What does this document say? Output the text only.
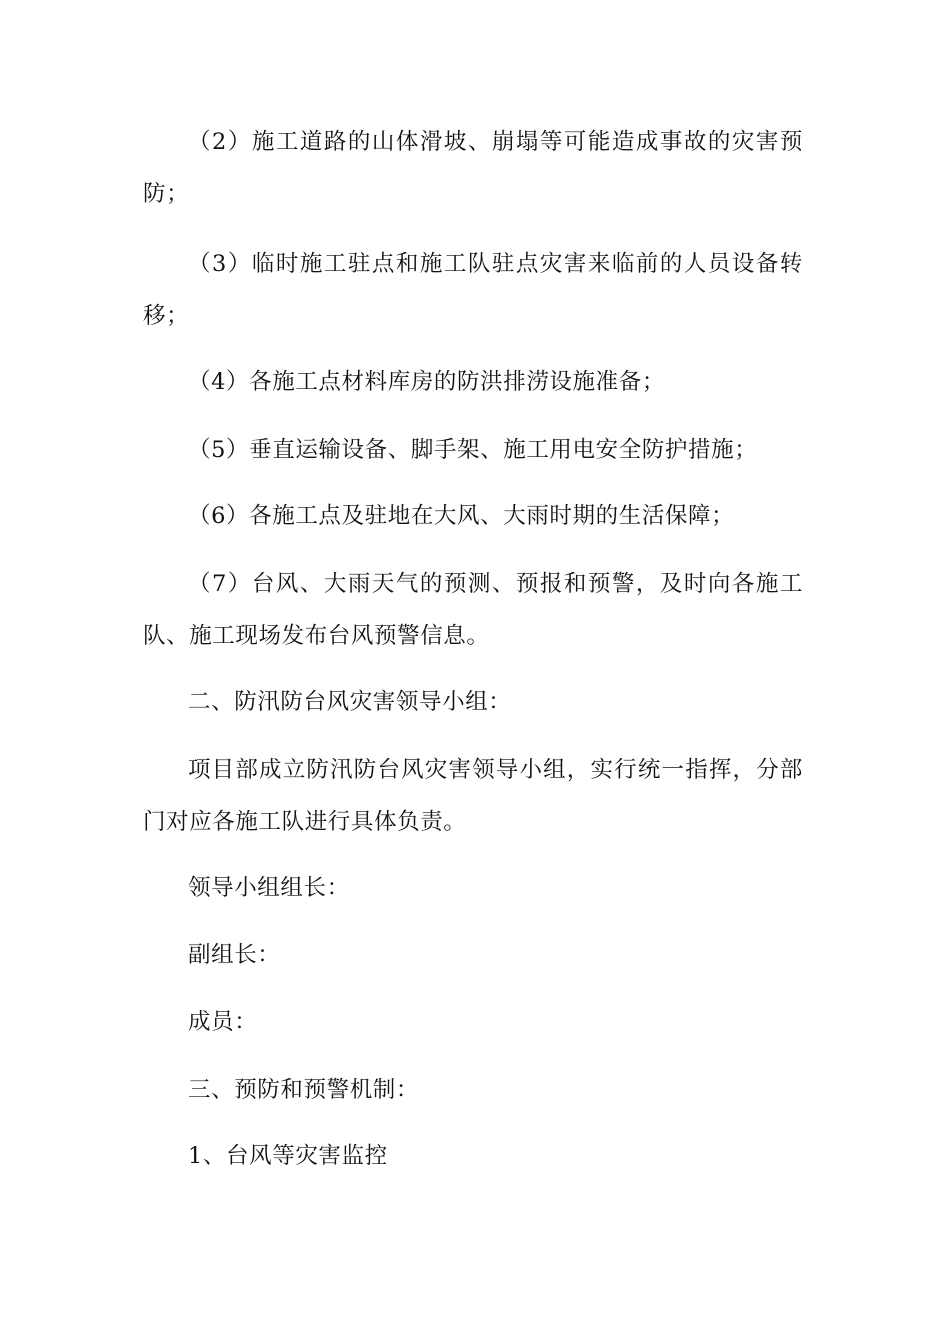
（2）施工道路的山体滑坡、崩塌等可能造成事故的灾害预防；

（3）临时施工驻点和施工队驻点灾害来临前的人员设备转移；

（4）各施工点材料库房的防洪排涝设施准备；

（5）垂直运输设备、脚手架、施工用电安全防护措施；

（6）各施工点及驻地在大风、大雨时期的生活保障；

（7）台风、大雨天气的预测、预报和预警，及时向各施工队、施工现场发布台风预警信息。

二、防汛防台风灾害领导小组：

项目部成立防汛防台风灾害领导小组，实行统一指挥，分部门对应各施工队进行具体负责。

领导小组组长：

副组长：

成员：

三、预防和预警机制：

1、台风等灾害监控
